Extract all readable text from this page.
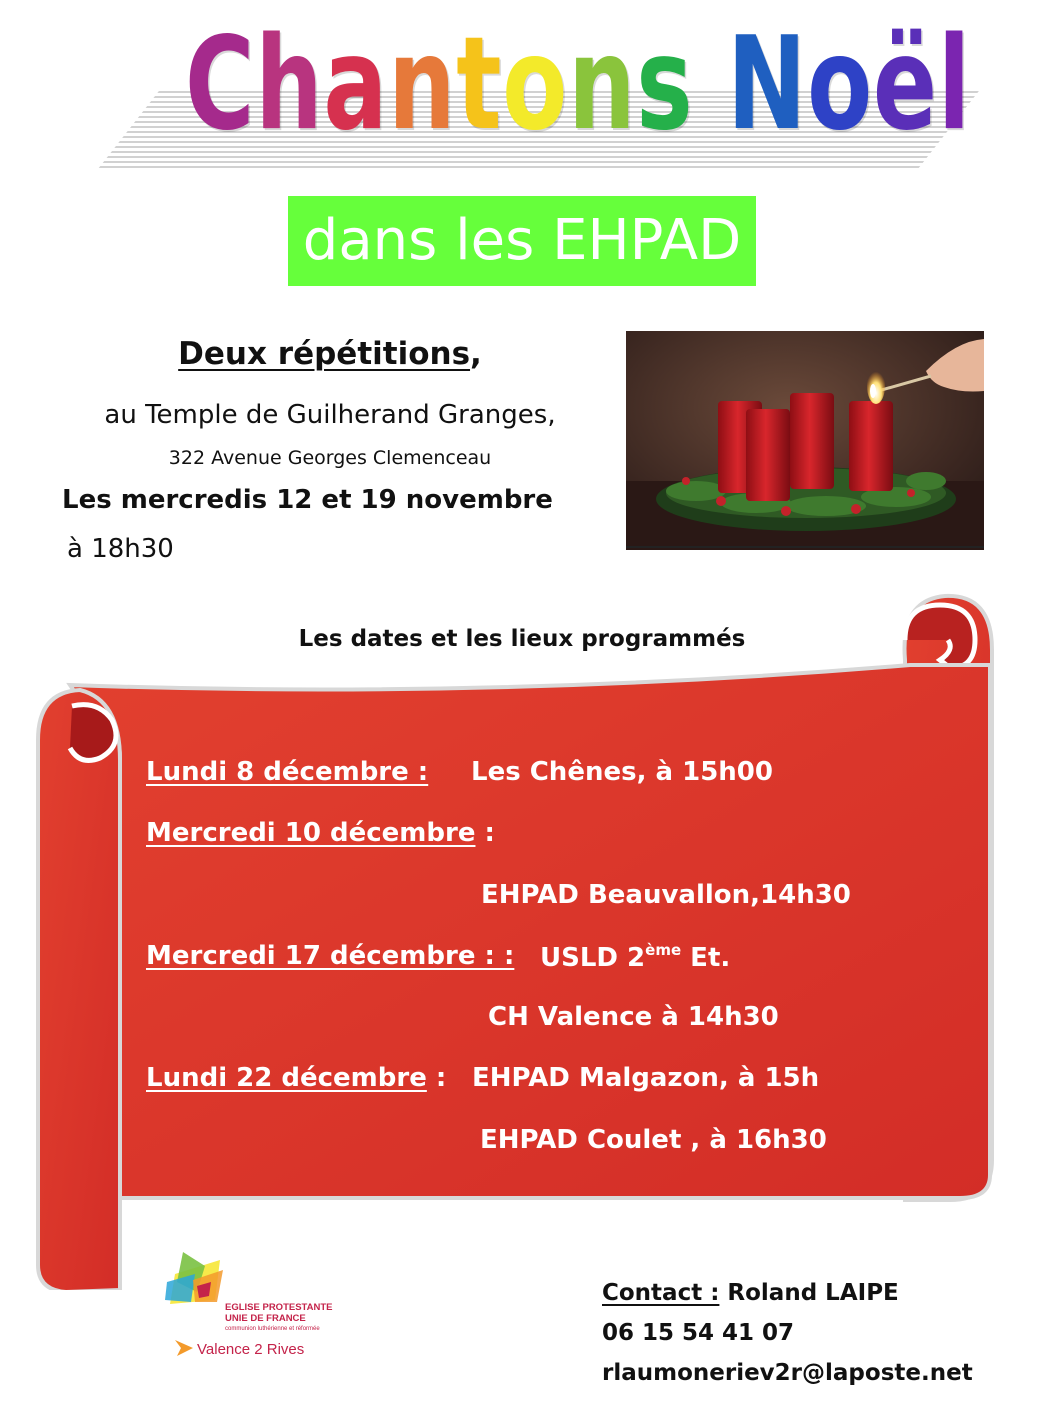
Chantons Noël
dans les EHPAD
Deux répétitions,
au Temple de Guilherand Granges,
322 Avenue Georges Clemenceau
Les mercredis 12 et 19 novembre
à 18h30
Les dates et les lieux programmés
Lundi 8 décembre : Les Chênes, à 15h00
Mercredi 10 décembre :
EHPAD Beauvallon,14h30
Mercredi 17 décembre : : USLD 2ème Et.
CH Valence à 14h30
Lundi 22 décembre : EHPAD Malgazon, à 15h
EHPAD Coulet , à 16h30
EGLISE PROTESTANTE
UNIE DE FRANCE
communion luthérienne et réformée
Valence 2 Rives
Contact : Roland LAIPE
06 15 54 41 07
rlaumoneriev2r@laposte.net
